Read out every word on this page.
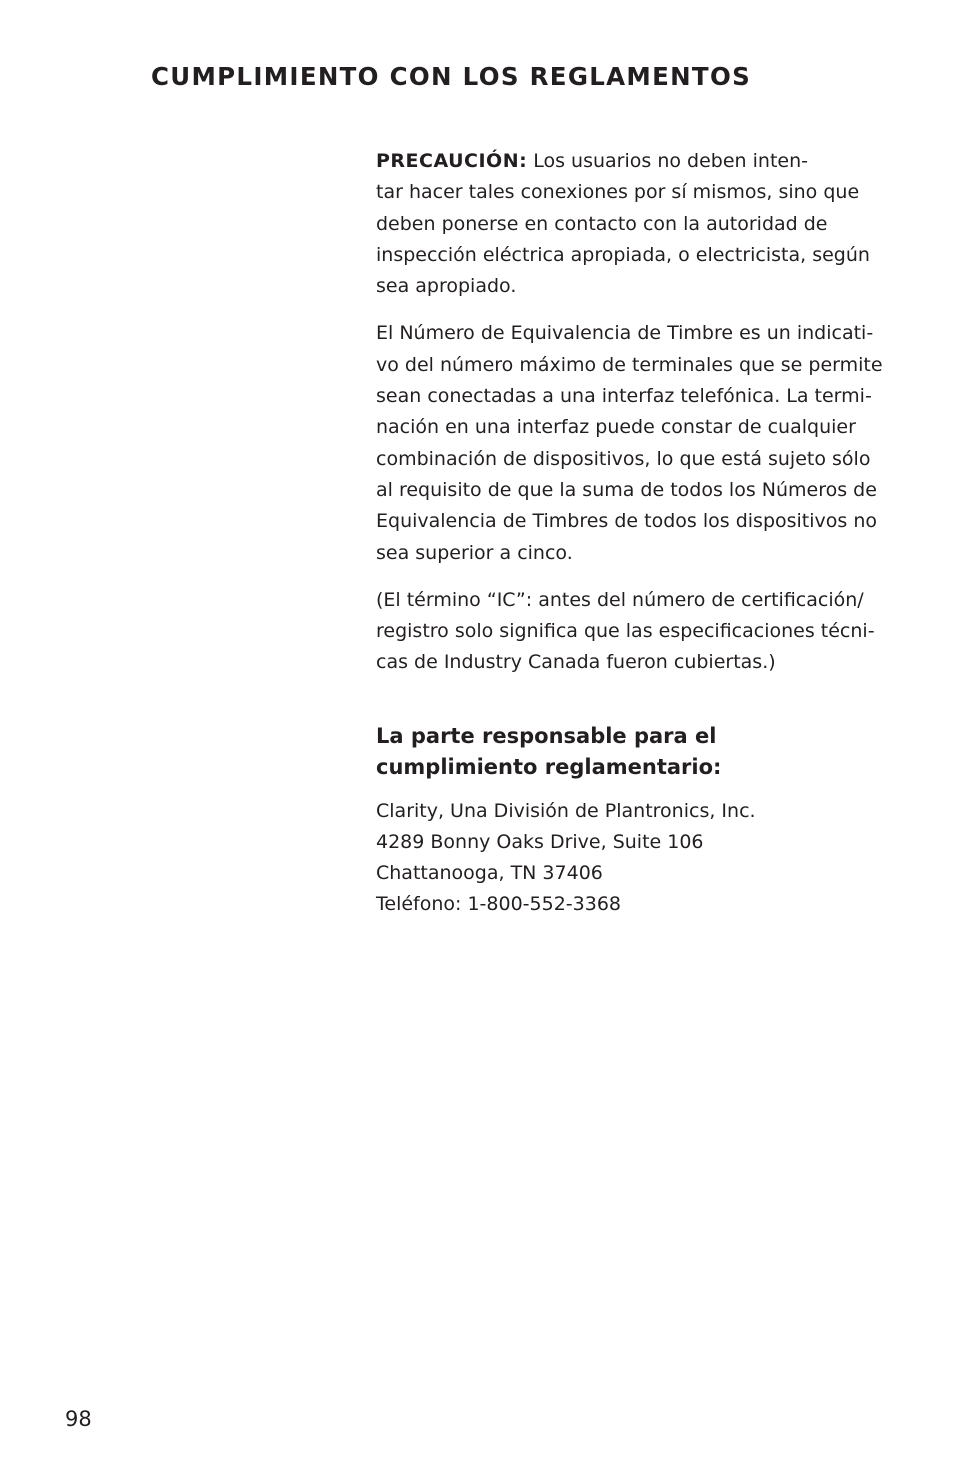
CUMPLIMIENTO CON LOS REGLAMENTOS

PRECAUCIÓN: Los usuarios no deben inten-
tar hacer tales conexiones por sí mismos, sino que
deben ponerse en contacto con la autoridad de
inspección eléctrica apropiada, o electricista, según
sea apropiado.

El Número de Equivalencia de Timbre es un indicati-
vo del número máximo de terminales que se permite
sean conectadas a una interfaz telefónica. La termi-
nación en una interfaz puede constar de cualquier
combinación de dispositivos, lo que está sujeto sólo
al requisito de que la suma de todos los Números de
Equivalencia de Timbres de todos los dispositivos no
sea superior a cinco.

(El término “IC”: antes del número de certificación/
registro solo significa que las especificaciones técni-
cas de Industry Canada fueron cubiertas.)

La parte responsable para el
cumplimiento reglamentario:
Clarity, Una División de Plantronics, Inc.
4289 Bonny Oaks Drive, Suite 106
Chattanooga, TN 37406
Teléfono: 1-800-552-3368
98
